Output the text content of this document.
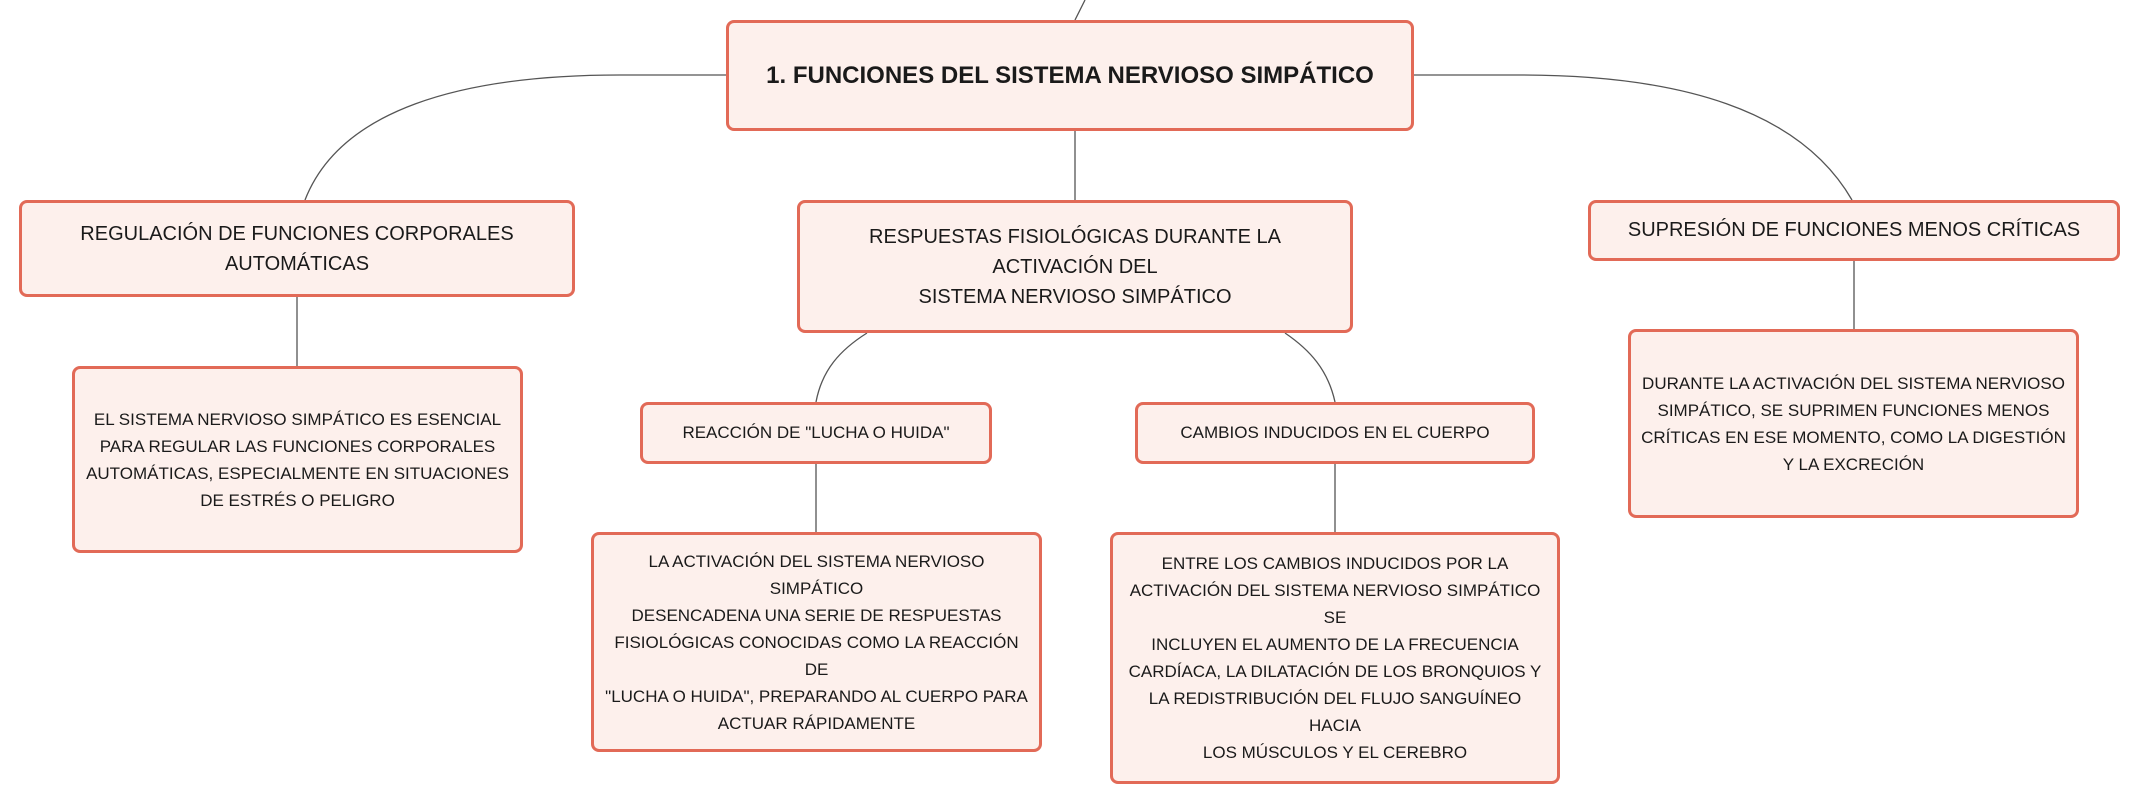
1. FUNCIONES DEL SISTEMA NERVIOSO SIMPÁTICO
REGULACIÓN DE FUNCIONES CORPORALES
AUTOMÁTICAS
RESPUESTAS FISIOLÓGICAS DURANTE LA ACTIVACIÓN DEL
SISTEMA NERVIOSO SIMPÁTICO
SUPRESIÓN DE FUNCIONES MENOS CRÍTICAS
EL SISTEMA NERVIOSO SIMPÁTICO ES ESENCIAL
PARA REGULAR LAS FUNCIONES CORPORALES
AUTOMÁTICAS, ESPECIALMENTE EN SITUACIONES
DE ESTRÉS O PELIGRO
REACCIÓN DE "LUCHA O HUIDA"	CAMBIOS INDUCIDOS EN EL CUERPO
LA ACTIVACIÓN DEL SISTEMA NERVIOSO SIMPÁTICO
DESENCADENA UNA SERIE DE RESPUESTAS
FISIOLÓGICAS CONOCIDAS COMO LA REACCIÓN DE
"LUCHA O HUIDA", PREPARANDO AL CUERPO PARA
ACTUAR RÁPIDAMENTE
ENTRE LOS CAMBIOS INDUCIDOS POR LA
ACTIVACIÓN DEL SISTEMA NERVIOSO SIMPÁTICO SE
INCLUYEN EL AUMENTO DE LA FRECUENCIA
CARDÍACA, LA DILATACIÓN DE LOS BRONQUIOS Y
LA REDISTRIBUCIÓN DEL FLUJO SANGUÍNEO HACIA
LOS MÚSCULOS Y EL CEREBRO
DURANTE LA ACTIVACIÓN DEL SISTEMA NERVIOSO
SIMPÁTICO, SE SUPRIMEN FUNCIONES MENOS
CRÍTICAS EN ESE MOMENTO, COMO LA DIGESTIÓN
Y LA EXCRECIÓN
